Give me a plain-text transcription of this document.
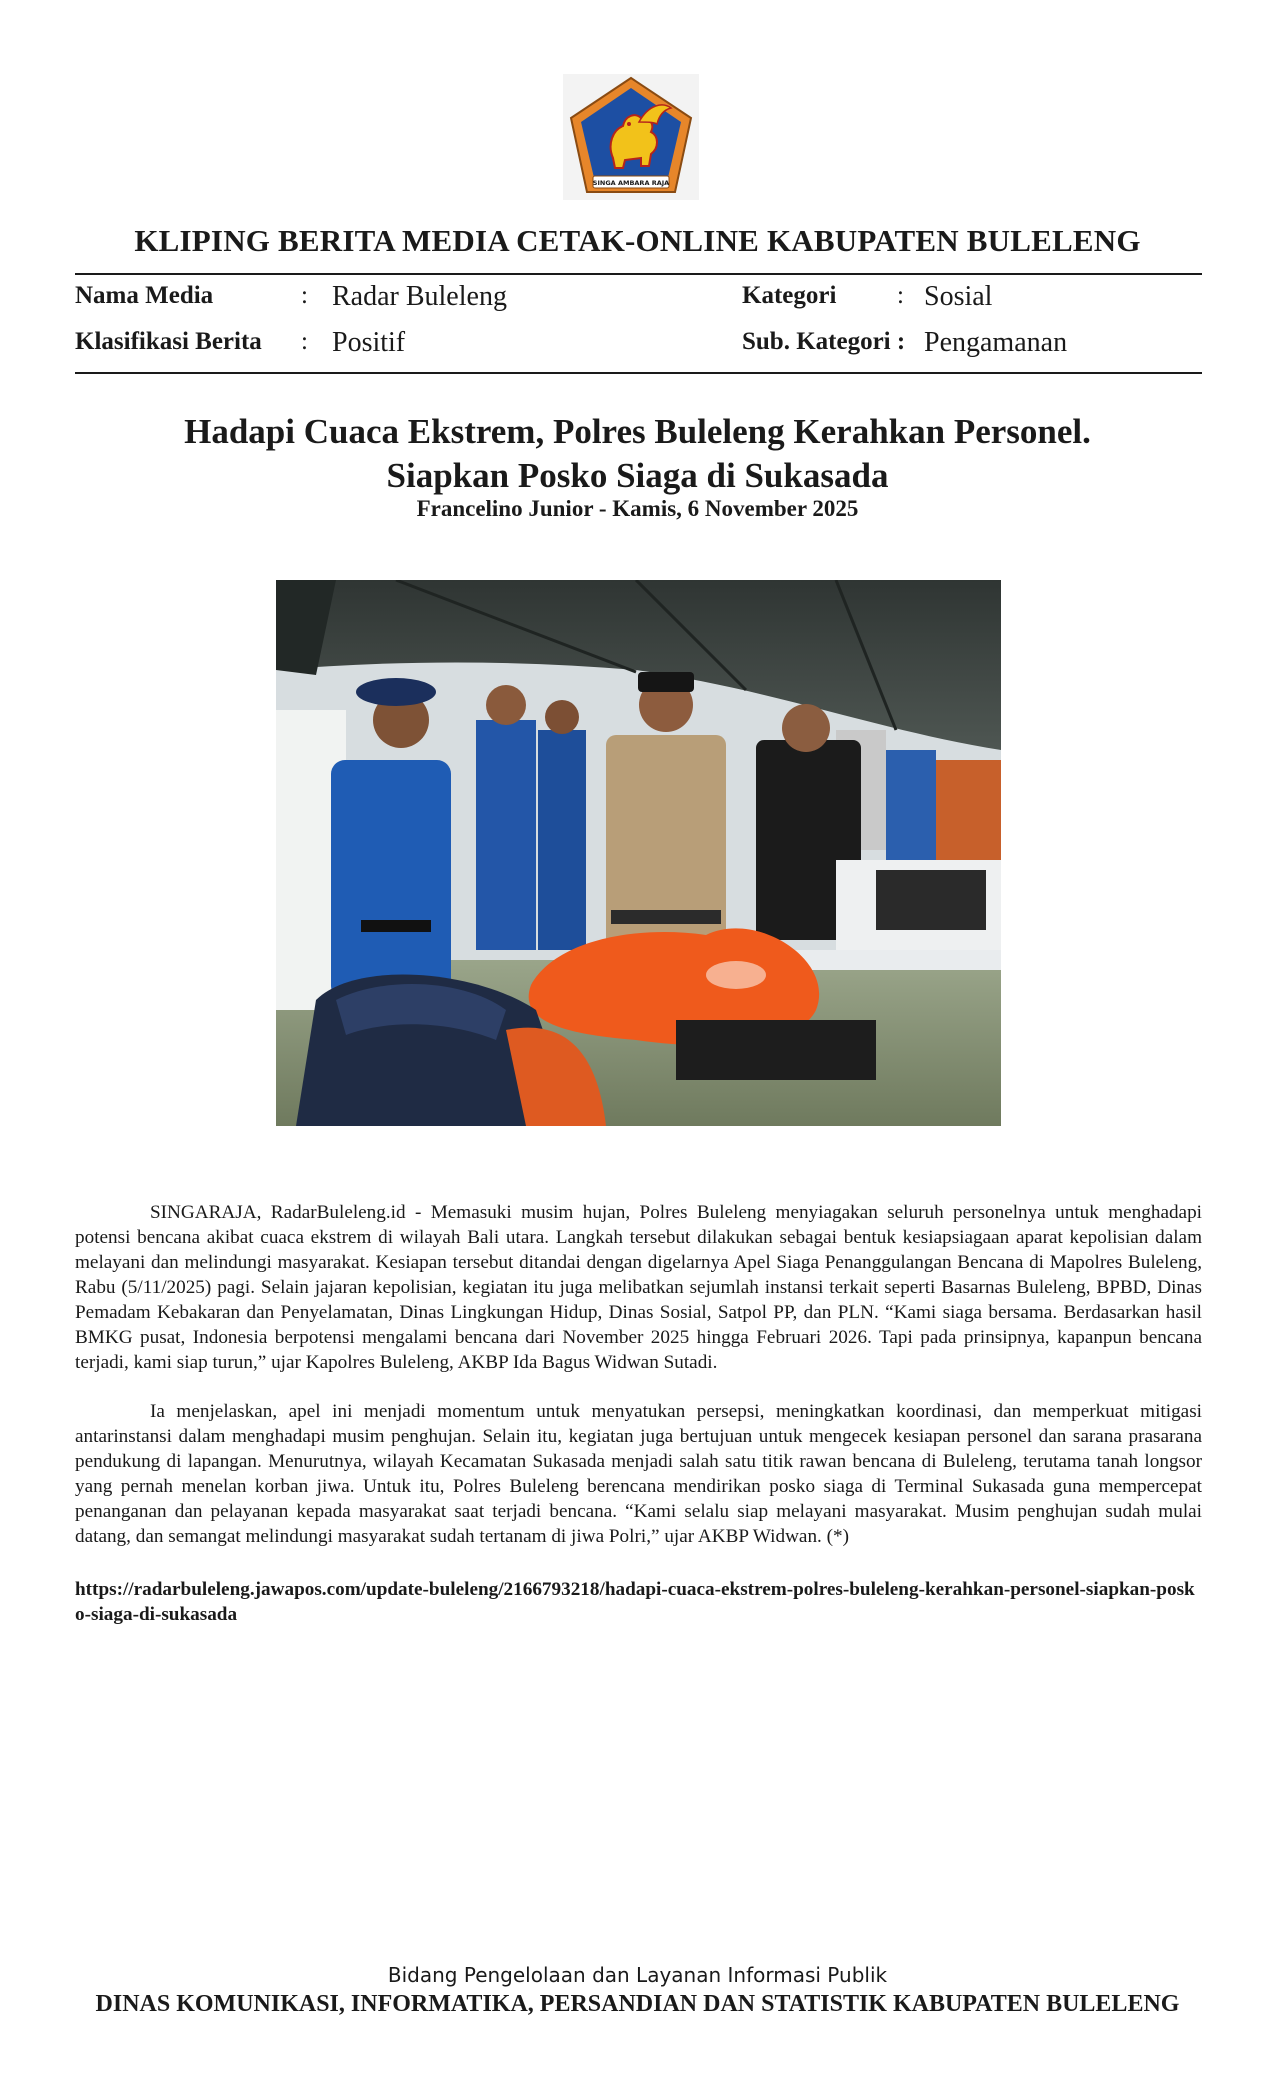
SINGA AMBARA RAJA
KLIPING BERITA MEDIA CETAK-ONLINE KABUPATEN BULELENG
Nama Media	: Radar Buleleng
Klasifikasi Berita : Positif
Kategori : Sosial
Sub. Kategori : Pengamanan
Hadapi Cuaca Ekstrem, Polres Buleleng Kerahkan Personel.
Siapkan Posko Siaga di Sukasada
Francelino Junior - Kamis, 6 November 2025

SINGARAJA, RadarBuleleng.id - Memasuki musim hujan, Polres Buleleng menyiagakan seluruh personelnya untuk menghadapi potensi bencana akibat cuaca ekstrem di wilayah Bali utara. Langkah tersebut dilakukan sebagai bentuk kesiapsiagaan aparat kepolisian dalam melayani dan melindungi masyarakat. Kesiapan tersebut ditandai dengan digelarnya Apel Siaga Penanggulangan Bencana di Mapolres Buleleng, Rabu (5/11/2025) pagi. Selain jajaran kepolisian, kegiatan itu juga melibatkan sejumlah instansi terkait seperti Basarnas Buleleng, BPBD, Dinas Pemadam Kebakaran dan Penyelamatan, Dinas Lingkungan Hidup, Dinas Sosial, Satpol PP, dan PLN. “Kami siaga bersama. Berdasarkan hasil BMKG pusat, Indonesia berpotensi mengalami bencana dari November 2025 hingga Februari 2026. Tapi pada prinsipnya, kapanpun bencana terjadi, kami siap turun,” ujar Kapolres Buleleng, AKBP Ida Bagus Widwan Sutadi.

Ia menjelaskan, apel ini menjadi momentum untuk menyatukan persepsi, meningkatkan koordinasi, dan memperkuat mitigasi antarinstansi dalam menghadapi musim penghujan. Selain itu, kegiatan juga bertujuan untuk mengecek kesiapan personel dan sarana prasarana pendukung di lapangan. Menurutnya, wilayah Kecamatan Sukasada menjadi salah satu titik rawan bencana di Buleleng, terutama tanah longsor yang pernah menelan korban jiwa. Untuk itu, Polres Buleleng berencana mendirikan posko siaga di Terminal Sukasada guna mempercepat penanganan dan pelayanan kepada masyarakat saat terjadi bencana. “Kami selalu siap melayani masyarakat. Musim penghujan sudah mulai datang, dan semangat melindungi masyarakat sudah tertanam di jiwa Polri,” ujar AKBP Widwan. (*)

https://radarbuleleng.jawapos.com/update-buleleng/2166793218/hadapi-cuaca-ekstrem-polres-buleleng-kerahkan-personel-siapkan-posko-siaga-di-sukasada
Bidang Pengelolaan dan Layanan Informasi Publik
DINAS KOMUNIKASI, INFORMATIKA, PERSANDIAN DAN STATISTIK KABUPATEN BULELENG
